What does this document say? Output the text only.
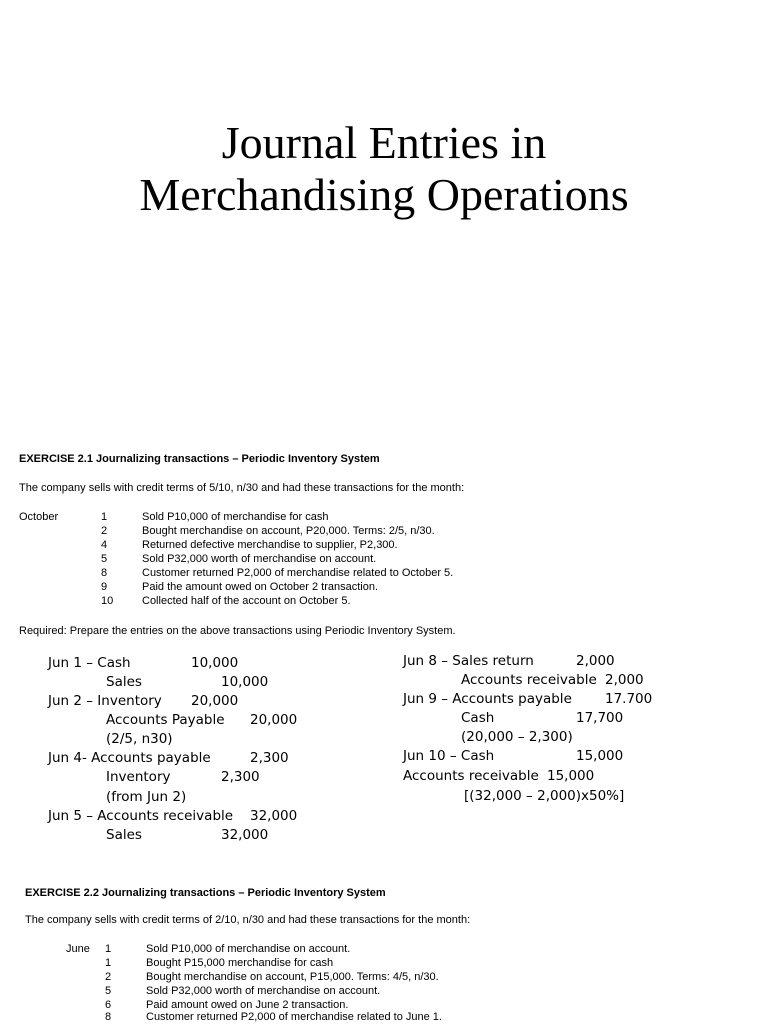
Journal Entries in
Merchandising Operations
EXERCISE 2.1 Journalizing transactions – Periodic Inventory System
The company sells with credit terms of 5/10, n/30 and had these transactions for the month:
October	1	Sold P10,000 of merchandise for cash
2	Bought merchandise on account, P20,000. Terms: 2/5, n/30.
4	Returned defective merchandise to supplier, P2,300.
5	Sold P32,000 worth of merchandise on account.
8	Customer returned P2,000 of merchandise related to October 5.
9	Paid the amount owed on October 2 transaction.
10	Collected half of the account on October 5.
Required: Prepare the entries on the above transactions using Periodic Inventory System.
Jun 1 – Cash	10,000
Sales	10,000
Jun 2 – Inventory 20,000
Accounts Payable 20,000
(2/5, n30)
Jun 4- Accounts payable	2,300
Inventory	2,300
(from Jun 2)
Jun 5 – Accounts receivable 32,000
Sales	32,000
Jun 8 – Sales return	2,000
Accounts receivable 2,000
Jun 9 – Accounts payable 17.700
Cash	17,700
(20,000 – 2,300)
Jun 10 – Cash	15,000
Accounts receivable 15,000
[(32,000 – 2,000)x50%]
EXERCISE 2.2 Journalizing transactions – Periodic Inventory System
The company sells with credit terms of 2/10, n/30 and had these transactions for the month:
June 1	Sold P10,000 of merchandise on account.
1	Bought P15,000 merchandise for cash
2	Bought merchandise on account, P15,000. Terms: 4/5, n/30.
5	Sold P32,000 worth of merchandise on account.
6	Paid amount owed on June 2 transaction.
8	Customer returned P2,000 of merchandise related to June 1.
